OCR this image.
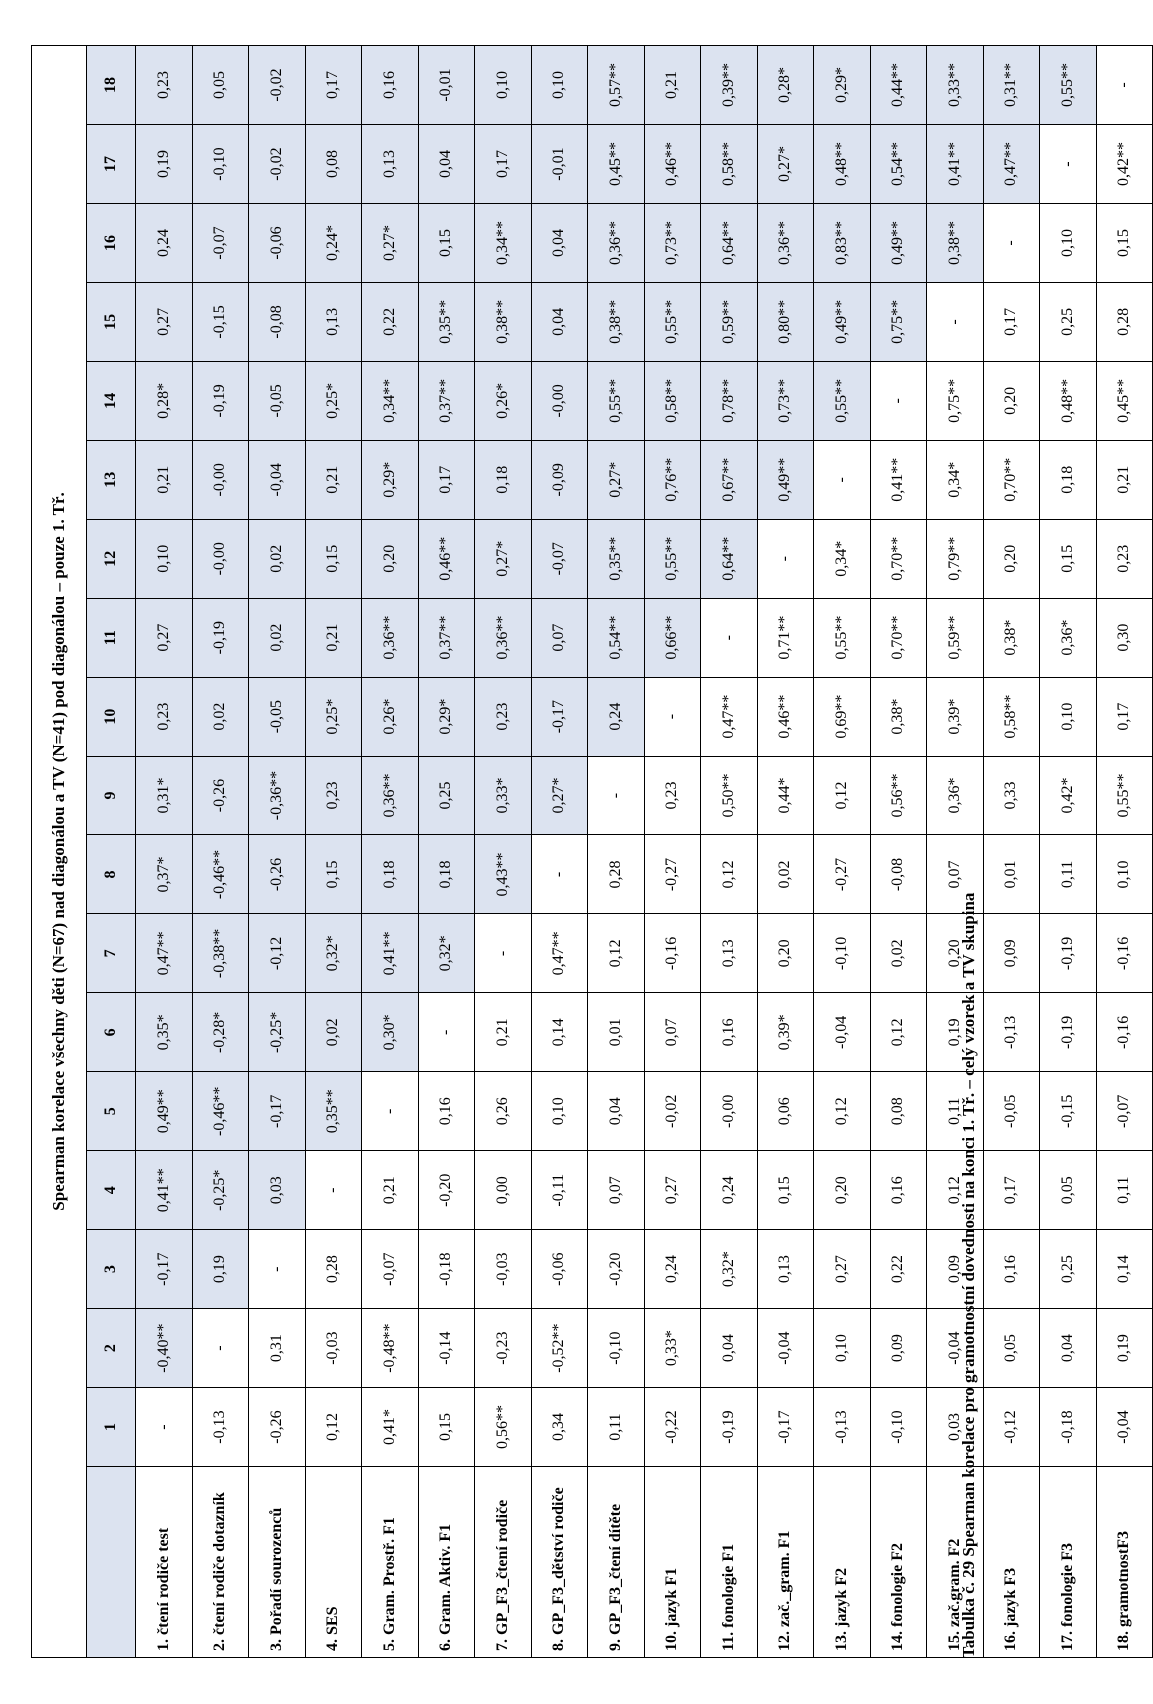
Spearman korelace všechny děti (N=67) nad diagonálou a TV (N=41) pod diagonálou – pouze 1. Tř.																		
	1	2	3	4	5	6	7	8	9	10	11	12	13	14	15	16	17	18
1. čtení rodiče test	-	-0,40**	-0,17	0,41**	0,49**	0,35*	0,47**	0,37*	0,31*	0,23	0,27	0,10	0,21	0,28*	0,27	0,24	0,19	0,23
2. čtení rodiče dotazník	-0,13	-	0,19	-0,25*	-0,46**	-0,28*	-0,38**	-0,46**	-0,26	0,02	-0,19	-0,00	-0,00	-0,19	-0,15	-0,07	-0,10	0,05
3. Pořadí sourozenců	-0,26	0,31	-	0,03	-0,17	-0,25*	-0,12	-0,26	-0,36**	-0,05	0,02	0,02	-0,04	-0,05	-0,08	-0,06	-0,02	-0,02
4. SES	0,12	-0,03	0,28	-	0,35**	0,02	0,32*	0,15	0,23	0,25*	0,21	0,15	0,21	0,25*	0,13	0,24*	0,08	0,17
5. Gram. Prostř. F1	0,41*	-0,48**	-0,07	0,21	-	0,30*	0,41**	0,18	0,36**	0,26*	0,36**	0,20	0,29*	0,34**	0,22	0,27*	0,13	0,16
6. Gram. Aktiv. F1	0,15	-0,14	-0,18	-0,20	0,16	-	0,32*	0,18	0,25	0,29*	0,37**	0,46**	0,17	0,37**	0,35**	0,15	0,04	-0,01
7. GP_F3_čtení rodiče	0,56**	-0,23	-0,03	0,00	0,26	0,21	-	0,43**	0,33*	0,23	0,36**	0,27*	0,18	0,26*	0,38**	0,34**	0,17	0,10
8. GP_F3_dětství rodiče	0,34	-0,52**	-0,06	-0,11	0,10	0,14	0,47**	-	0,27*	-0,17	0,07	-0,07	-0,09	-0,00	0,04	0,04	-0,01	0,10
9. GP_F3_čtení dítěte	0,11	-0,10	-0,20	0,07	0,04	0,01	0,12	0,28	-	0,24	0,54**	0,35**	0,27*	0,55**	0,38**	0,36**	0,45**	0,57**
10. jazyk F1	-0,22	0,33*	0,24	0,27	-0,02	0,07	-0,16	-0,27	0,23	-	0,66**	0,55**	0,76**	0,58**	0,55**	0,73**	0,46**	0,21
11. fonologie F1	-0,19	0,04	0,32*	0,24	-0,00	0,16	0,13	0,12	0,50**	0,47**	-	0,64**	0,67**	0,78**	0,59**	0,64**	0,58**	0,39**
12. zač._gram. F1	-0,17	-0,04	0,13	0,15	0,06	0,39*	0,20	0,02	0,44*	0,46**	0,71**	-	0,49**	0,73**	0,80**	0,36**	0,27*	0,28*
13. jazyk F2	-0,13	0,10	0,27	0,20	0,12	-0,04	-0,10	-0,27	0,12	0,69**	0,55**	0,34*	-	0,55**	0,49**	0,83**	0,48**	0,29*
14. fonologie F2	-0,10	0,09	0,22	0,16	0,08	0,12	0,02	-0,08	0,56**	0,38*	0,70**	0,70**	0,41**	-	0,75**	0,49**	0,54**	0,44**
15. zač.gram. F2	0,03	-0,04	0,09	0,12	0,11	0,19	0,20	0,07	0,36*	0,39*	0,59**	0,79**	0,34*	0,75**	-	0,38**	0,41**	0,33**
16. jazyk F3	-0,12	0,05	0,16	0,17	-0,05	-0,13	0,09	0,01	0,33	0,58**	0,38*	0,20	0,70**	0,20	0,17	-	0,47**	0,31**
17. fonologie F3	-0,18	0,04	0,25	0,05	-0,15	-0,19	-0,19	0,11	0,42*	0,10	0,36*	0,15	0,18	0,48**	0,25	0,10	-	0,55**
18. gramotnostF3	-0,04	0,19	0,14	0,11	-0,07	-0,16	-0,16	0,10	0,55**	0,17	0,30	0,23	0,21	0,45**	0,28	0,15	0,42**	-
Tabulka č. 29 Spearman korelace pro gramotnostní dovednosti na konci 1. Tř. – celý vzorek a TV skupina
